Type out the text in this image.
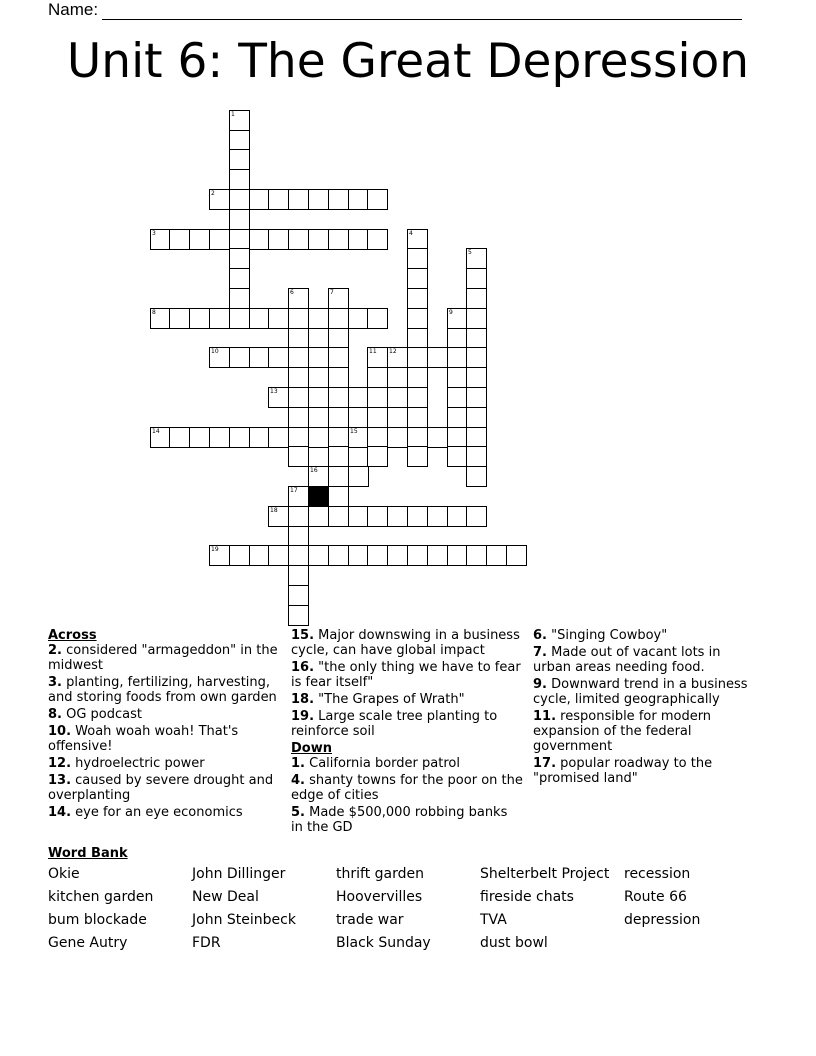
Name:
Unit 6: The Great Depression
1
2
3	4
5
6	7
8	9
10	11 12
13
14	15
16
17
18
19
Across
2. considered "armageddon" in the midwest
3. planting, fertilizing, harvesting, and storing foods from own garden
8. OG podcast
10. Woah woah woah! That's offensive!
12. hydroelectric power
13. caused by severe drought and overplanting
14. eye for an eye economics
15. Major downswing in a business cycle, can have global impact
16. "the only thing we have to fear is fear itself"
18. "The Grapes of Wrath"
19. Large scale tree planting to reinforce soil
Down
1. California border patrol
4. shanty towns for the poor on the edge of cities
5. Made $500,000 robbing banks in the GD
6. "Singing Cowboy"
7. Made out of vacant lots in urban areas needing food.
9. Downward trend in a business cycle, limited geographically
11. responsible for modern expansion of the federal government
17. popular roadway to the "promised land"
Word Bank
Okie	John Dillinger	thrift garden	Shelterbelt Project	recession
kitchen garden	New Deal	Hoovervilles	fireside chats	Route 66
bum blockade	John Steinbeck	trade war	TVA	depression
Gene Autry	FDR	Black Sunday	dust bowl
